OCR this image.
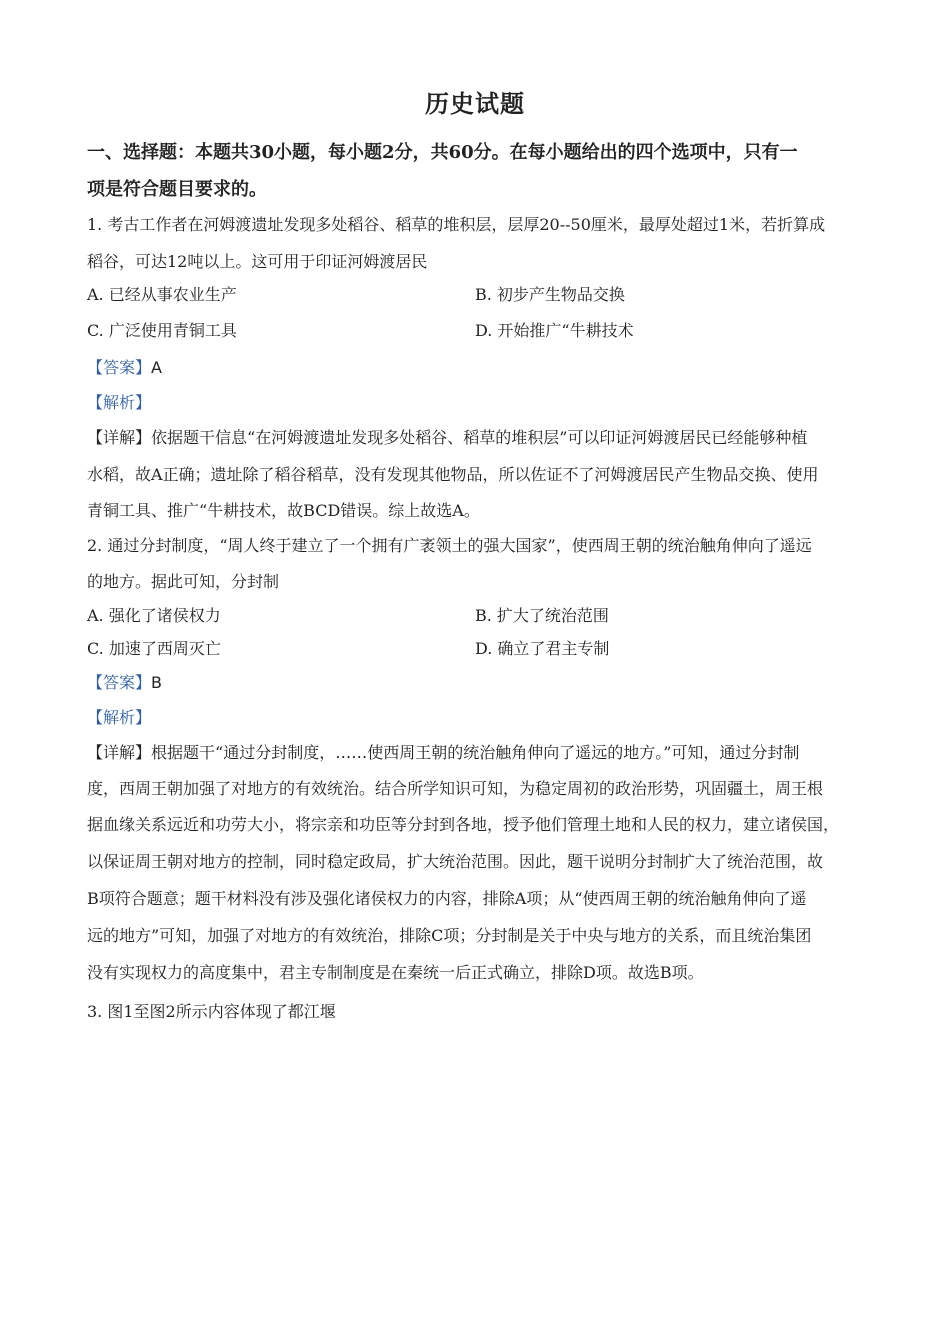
历史试题
一、选择题：本题共30小题，每小题2分，共60分。在每小题给出的四个选项中，只有一
项是符合题目要求的。
1. 考古工作者在河姆渡遗址发现多处稻谷、稻草的堆积层，层厚20--50厘米，最厚处超过1米，若折算成
稻谷，可达12吨以上。这可用于印证河姆渡居民
A. 已经从事农业生产	B. 初步产生物品交换
C. 广泛使用青铜工具	D. 开始推广“牛耕技术
【答案】A
【解析】
【详解】依据题干信息“在河姆渡遗址发现多处稻谷、稻草的堆积层”可以印证河姆渡居民已经能够种植
水稻，故A正确；遗址除了稻谷稻草，没有发现其他物品，所以佐证不了河姆渡居民产生物品交换、使用
青铜工具、推广“牛耕技术，故BCD错误。综上故选A。
2. 通过分封制度，“周人终于建立了一个拥有广袤领土的强大国家”，使西周王朝的统治触角伸向了遥远
的地方。据此可知，分封制
A. 强化了诸侯权力	B. 扩大了统治范围
C. 加速了西周灭亡	D. 确立了君主专制
【答案】B
【解析】
【详解】根据题干“通过分封制度，……使西周王朝的统治触角伸向了遥远的地方。”可知，通过分封制
度，西周王朝加强了对地方的有效统治。结合所学知识可知，为稳定周初的政治形势，巩固疆土，周王根
据血缘关系远近和功劳大小，将宗亲和功臣等分封到各地，授予他们管理土地和人民的权力，建立诸侯国，
以保证周王朝对地方的控制，同时稳定政局，扩大统治范围。因此，题干说明分封制扩大了统治范围，故
B项符合题意；题干材料没有涉及强化诸侯权力的内容，排除A项；从“使西周王朝的统治触角伸向了遥
远的地方”可知，加强了对地方的有效统治，排除C项；分封制是关于中央与地方的关系，而且统治集团
没有实现权力的高度集中，君主专制制度是在秦统一后正式确立，排除D项。故选B项。
3. 图1至图2所示内容体现了都江堰
